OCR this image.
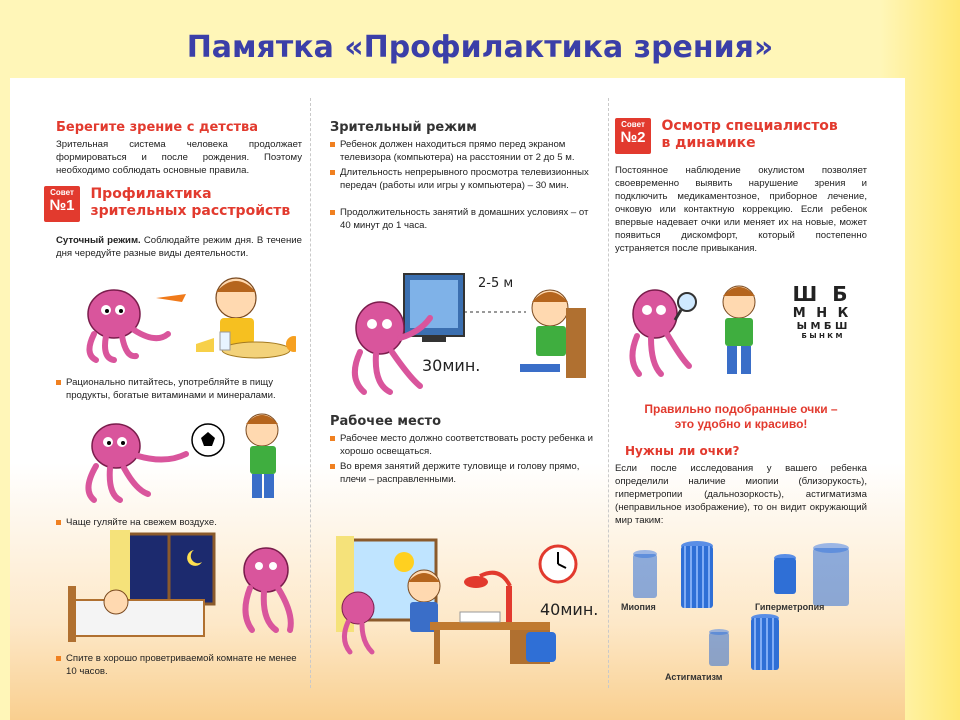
Памятка «Профилактика зрения»
Берегите зрение с детства
Зрительная система человека продолжает формироваться и после рождения. Поэтому необходимо соблюдать основные правила.
Совет
№1
Профилактика
зрительных расстройств
Суточный режим. Соблюдайте режим дня. В течение дня чередуйте разные виды деятельности.
Рационально питайтесь, употребляйте в пищу продукты, богатые витаминами и минералами.
Чаще гуляйте на свежем воздухе.
Спите в хорошо проветриваемой комнате не менее 10 часов.
Зрительный режим
Ребенок должен находиться прямо перед экраном телевизора (компьютера) на расстоянии от 2 до 5 м.
Длительность непрерывного просмотра телевизионных передач (работы или игры у компьютера) – 30 мин.
Продолжительность занятий в домашних условиях – от 40 минут до 1 часа.
2-5 м
30мин.
Рабочее место
Рабочее место должно соответствовать росту ребенка и хорошо освещаться.
Во время занятий держите туловище и голову прямо, плечи – расправленными.
40мин.
Совет
№2
Осмотр специалистов
в динамике
Постоянное наблюдение окулистом позволяет своевременно выявить нарушение зрения и подключить медикаментозное, приборное лечение, очковую или контактную коррекцию. Если ребенок впервые надевает очки или меняет их на новые, может появиться дискомфорт, который постепенно устраняется после привыкания.
Ш Б
М Н К
Ы М Б Ш
Б Ы Н К М
Правильно подобранные очки –
это удобно и красиво!
Нужны ли очки?
Если после исследования у вашего ребенка определили наличие миопии (близорукость), гиперметропии (дальнозоркость), астигматизма (неправильное изображение), то он видит окружающий мир таким:
Миопия	Гиперметропия
Астигматизм
